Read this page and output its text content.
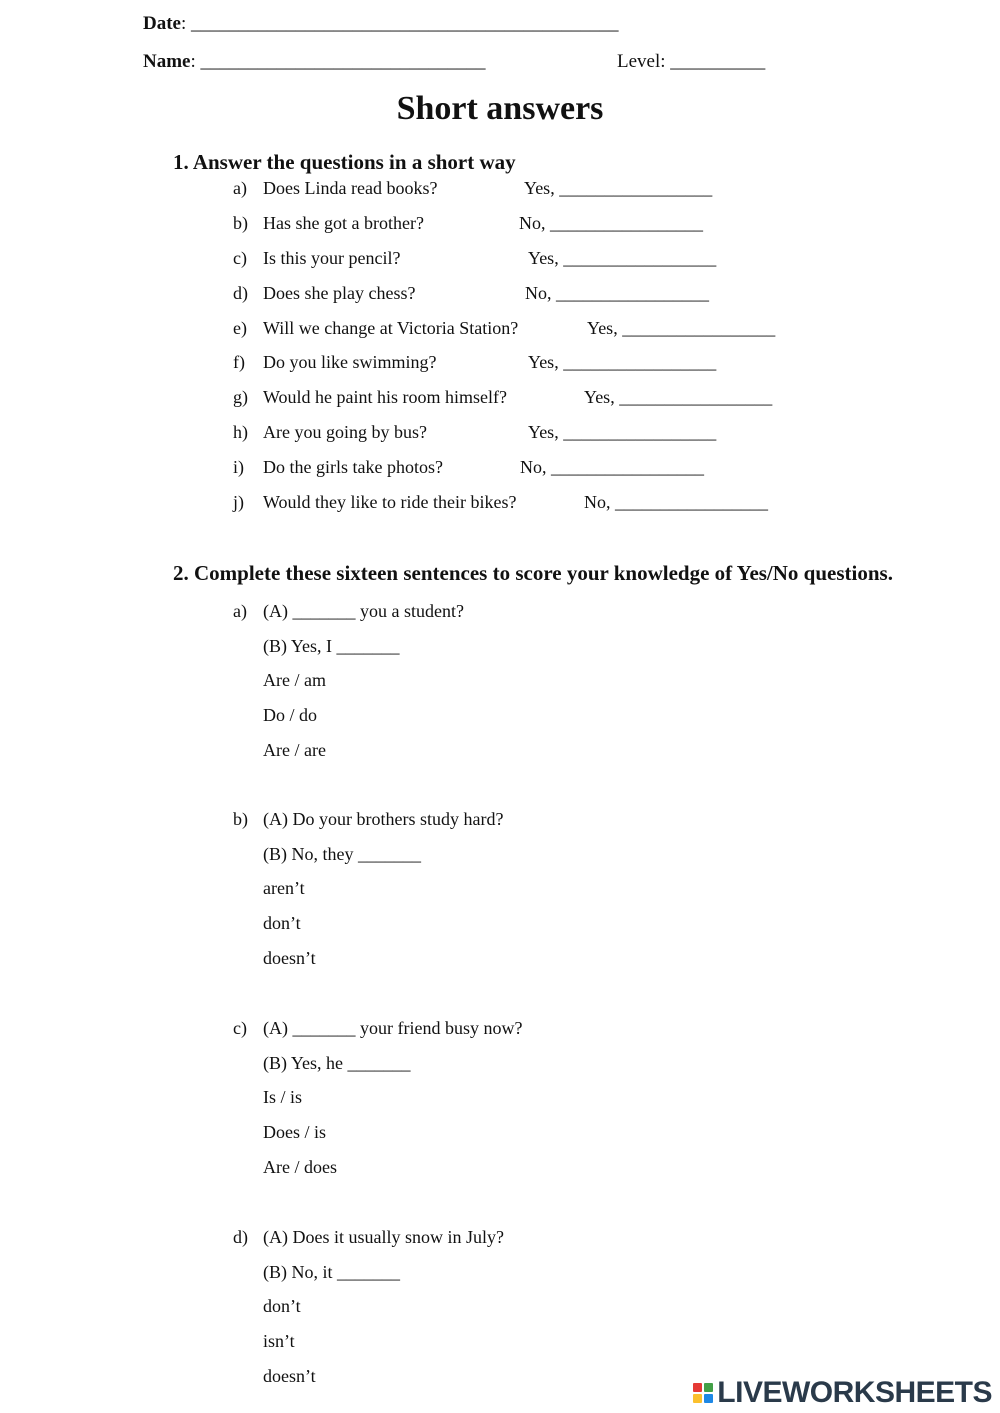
Date: _____________________________________________
Name: ______________________________	Level: __________
Short answers
1. Answer the questions in a short way
a) Does Linda read books?	Yes, _________________
b) Has she got a brother?	No, _________________
c) Is this your pencil?	Yes, _________________
d) Does she play chess?	No, _________________
e) Will we change at Victoria Station?	Yes, _________________
f) Do you like swimming?	Yes, _________________
g) Would he paint his room himself?	Yes, _________________
h) Are you going by bus?	Yes, _________________
i) Do the girls take photos?	No, _________________
j) Would they like to ride their bikes?	No, _________________
2. Complete these sixteen sentences to score your knowledge of Yes/No questions.
a) (A) _______ you a student?
(B) Yes, I _______
Are / am
Do / do
Are / are
b) (A) Do your brothers study hard?
(B) No, they _______
aren’t
don’t
doesn’t
c) (A) _______ your friend busy now?
(B) Yes, he _______
Is / is
Does / is
Are / does
d) (A) Does it usually snow in July?
(B) No, it _______
don’t
isn’t
doesn’t
LIVEWORKSHEETS
